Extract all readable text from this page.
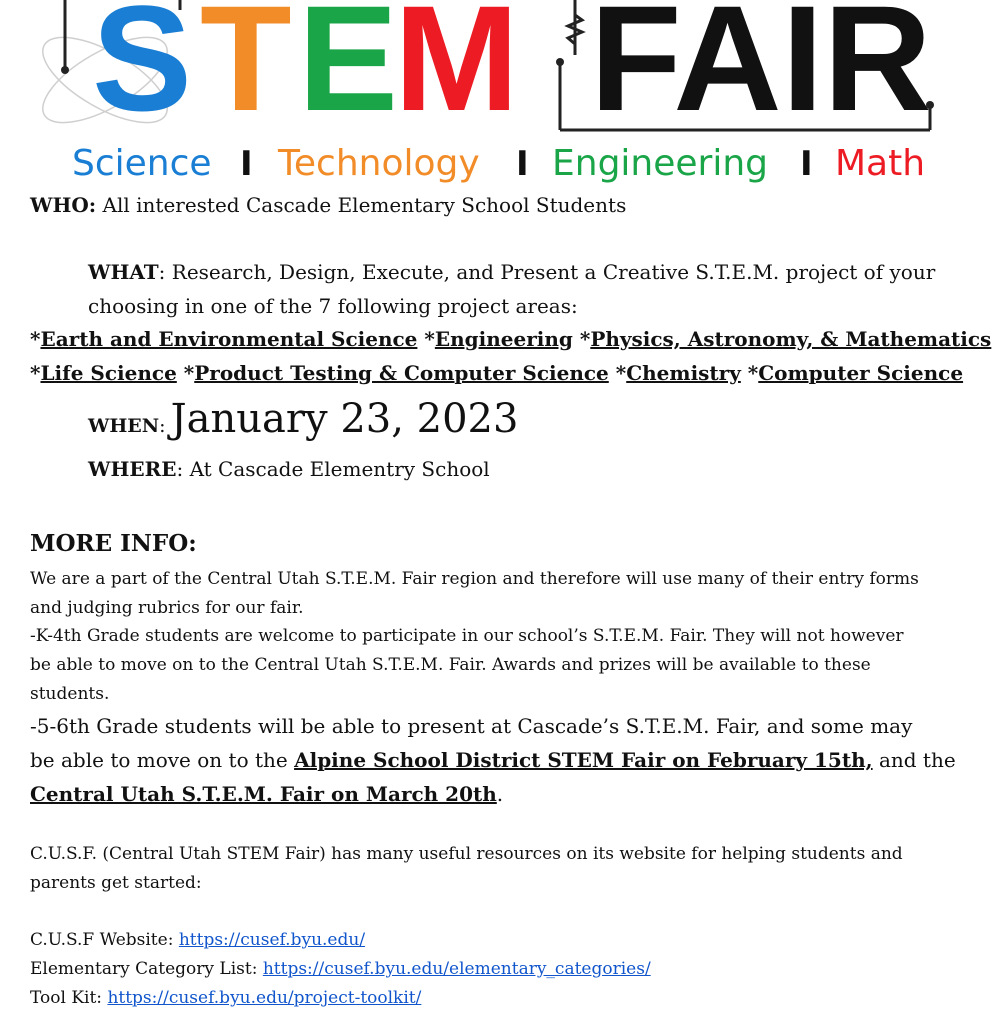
S T E
M FAIR
Science I Technology I Engineering I Math

WHO: All interested Cascade Elementary School Students

WHAT: Research, Design, Execute, and Present a Creative S.T.E.M. project of your

choosing in one of the 7 following project areas:

*Earth and Environmental Science *Engineering *Physics, Astronomy, & Mathematics

*Life Science *Product Testing & Computer Science *Chemistry *Computer Science

WHEN: January 23, 2023

WHERE: At Cascade Elementry School

MORE INFO:

We are a part of the Central Utah S.T.E.M. Fair region and therefore will use many of their entry forms

and judging rubrics for our fair.

-K-4th Grade students are welcome to participate in our school’s S.T.E.M. Fair. They will not however

be able to move on to the Central Utah S.T.E.M. Fair. Awards and prizes will be available to these

students.

-5-6th Grade students will be able to present at Cascade’s S.T.E.M. Fair, and some may

be able to move on to the Alpine School District STEM Fair on February 15th, and the

Central Utah S.T.E.M. Fair on March 20th.

C.U.S.F. (Central Utah STEM Fair) has many useful resources on its website for helping students and

parents get started:

C.U.S.F Website: https://cusef.byu.edu/

Elementary Category List: https://cusef.byu.edu/elementary_categories/

Tool Kit: https://cusef.byu.edu/project-toolkit/
